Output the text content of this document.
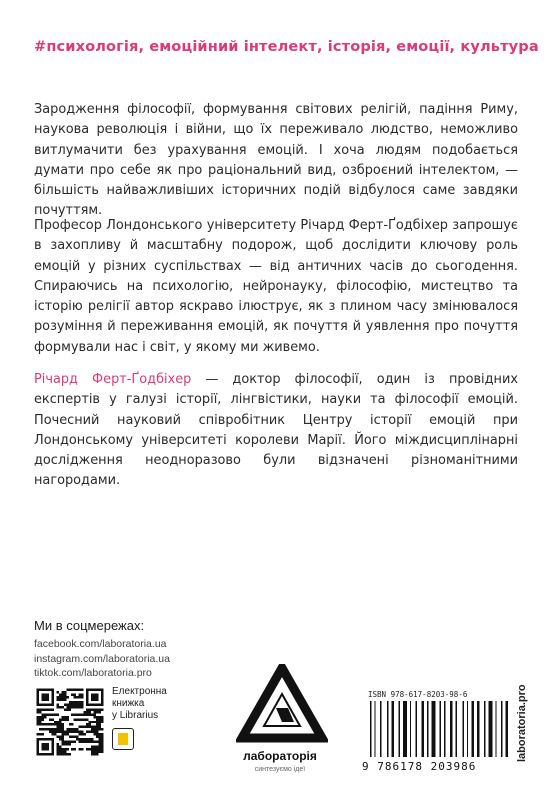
#психологія, емоційний інтелект, історія, емоції, культура
Зародження філософії, формування світових релігій, падіння Риму, наукова революція і війни, що їх переживало людство, неможливо витлумачити без урахування емоцій. І хоча людям подобається думати про себе як про раціональний вид, озброєний інтелектом, — більшість найважливіших історичних подій відбулося саме завдяки почуттям.
Професор Лондонського університету Річард Ферт-Ґодбіхер запрошує в захопливу й масштабну подорож, щоб дослідити ключову роль емоцій у різних суспільствах — від античних часів до сьогодення. Спираючись на психологію, нейронауку, філософію, мистецтво та історію релігії автор яскраво ілюструє, як з плином часу змінювалося розуміння й переживання емоцій, як почуття й уявлення про почуття формували нас і світ, у якому ми живемо.
Річард Ферт-Ґодбіхер — доктор філософії, один із провідних експертів у галузі історії, лінгвістики, науки та філософії емоцій. Почесний науковий співробітник Центру історії емоцій при Лондонському університеті королеви Марії. Його міждисциплінарні дослідження неодноразово були відзначені різноманітними нагородами.
Ми в соцмережах:
facebook.com/laboratoria.ua
instagram.com/laboratoria.ua
tiktok.com/laboratoria.pro
Електронна
книжка
у Librarius
лабораторія
синтезуємо ідеї
ISBN 978-617-8203-98-6
9 786178 203986
laboratoria.pro
